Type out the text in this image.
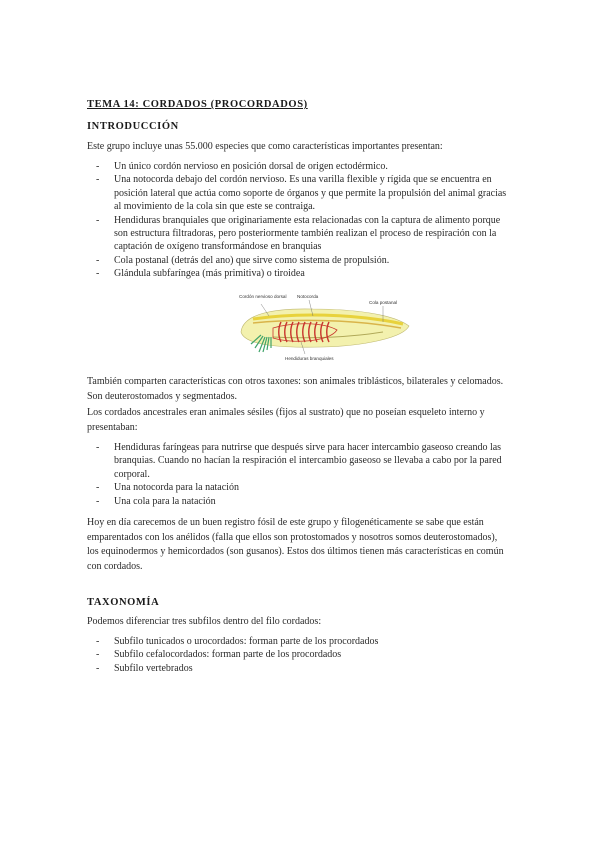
TEMA 14: CORDADOS (PROCORDADOS)
INTRODUCCIÓN

Este grupo incluye unas 55.000 especies que como características importantes presentan:

- Un único cordón nervioso en posición dorsal de origen ectodérmico.
- Una notocorda debajo del cordón nervioso. Es una varilla flexible y rígida que se encuentra en posición lateral que actúa como soporte de órganos y que permite la propulsión del animal gracias al movimiento de la cola sin que este se contraiga.
- Hendiduras branquiales que originariamente esta relacionadas con la captura de alimento porque son estructura filtradoras, pero posteriormente también realizan el proceso de respiración con la captación de oxígeno transformándose en branquias
- Cola postanal (detrás del ano) que sirve como sistema de propulsión.
- Glándula subfaríngea (más primitiva) o tiroidea
Cordón nervioso dorsal Notocorda
Cola postanal
Hendiduras branquiales

También comparten características con otros taxones: son animales triblásticos, bilaterales y celomados. Son deuterostomados y segmentados.

Los cordados ancestrales eran animales sésiles (fijos al sustrato) que no poseían esqueleto interno y presentaban:

- Hendiduras faríngeas para nutrirse que después sirve para hacer intercambio gaseoso creando las branquias. Cuando no hacían la respiración el intercambio gaseoso se llevaba a cabo por la pared corporal.
- Una notocorda para la natación
- Una cola para la natación

Hoy en día carecemos de un buen registro fósil de este grupo y filogenéticamente se sabe que están emparentados con los anélidos (falla que ellos son protostomados y nosotros somos deuterostomados), los equinodermos y hemicordados (son gusanos). Estos dos últimos tienen más características en común con cordados.

TAXONOMÍA

Podemos diferenciar tres subfilos dentro del filo cordados:

- Subfilo tunicados o urocordados: forman parte de los procordados
- Subfilo cefalocordados: forman parte de los procordados
- Subfilo vertebrados
